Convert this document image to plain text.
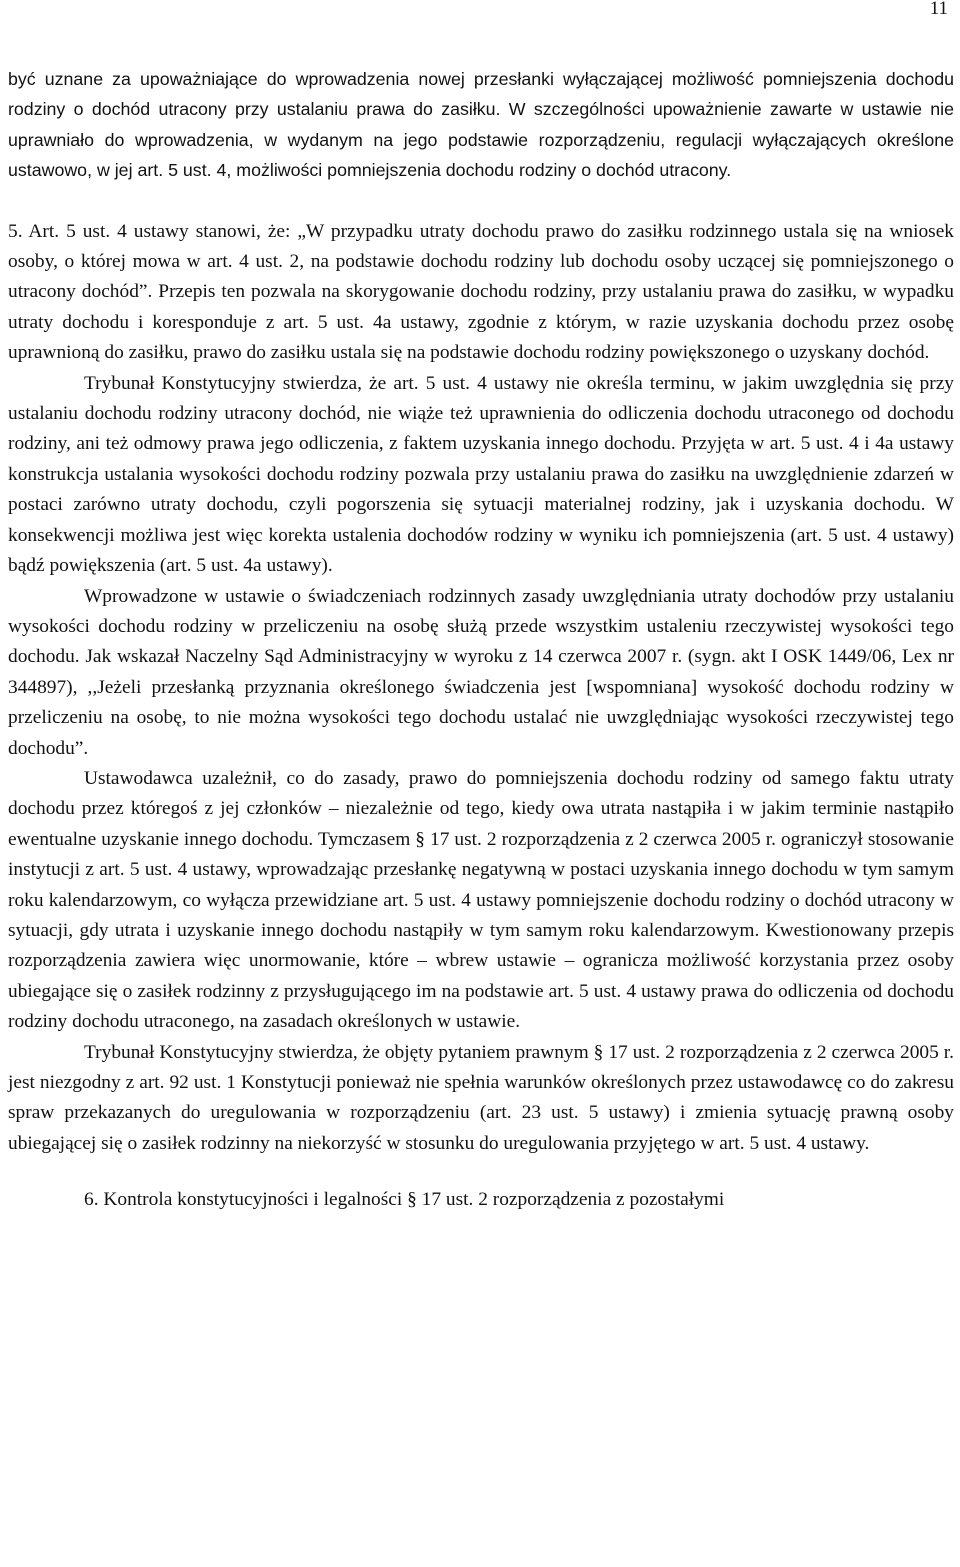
11

być uznane za upoważniające do wprowadzenia nowej przesłanki wyłączającej możliwość pomniejszenia dochodu rodziny o dochód utracony przy ustalaniu prawa do zasiłku. W szczególności upoważnienie zawarte w ustawie nie uprawniało do wprowadzenia, w wydanym na jego podstawie rozporządzeniu, regulacji wyłączających określone ustawowo, w jej art. 5 ust. 4, możliwości pomniejszenia dochodu rodziny o dochód utracony.

5. Art. 5 ust. 4 ustawy stanowi, że: „W przypadku utraty dochodu prawo do zasiłku rodzinnego ustala się na wniosek osoby, o której mowa w art. 4 ust. 2, na podstawie dochodu rodziny lub dochodu osoby uczącej się pomniejszonego o utracony dochód”. Przepis ten pozwala na skorygowanie dochodu rodziny, przy ustalaniu prawa do zasiłku, w wypadku utraty dochodu i koresponduje z art. 5 ust. 4a ustawy, zgodnie z którym, w razie uzyskania dochodu przez osobę uprawnioną do zasiłku, prawo do zasiłku ustala się na podstawie dochodu rodziny powiększonego o uzyskany dochód.

Trybunał Konstytucyjny stwierdza, że art. 5 ust. 4 ustawy nie określa terminu, w jakim uwzględnia się przy ustalaniu dochodu rodziny utracony dochód, nie wiąże też uprawnienia do odliczenia dochodu utraconego od dochodu rodziny, ani też odmowy prawa jego odliczenia, z faktem uzyskania innego dochodu. Przyjęta w art. 5 ust. 4 i 4a ustawy konstrukcja ustalania wysokości dochodu rodziny pozwala przy ustalaniu prawa do zasiłku na uwzględnienie zdarzeń w postaci zarówno utraty dochodu, czyli pogorszenia się sytuacji materialnej rodziny, jak i uzyskania dochodu. W konsekwencji możliwa jest więc korekta ustalenia dochodów rodziny w wyniku ich pomniejszenia (art. 5 ust. 4 ustawy) bądź powiększenia (art. 5 ust. 4a ustawy).

Wprowadzone w ustawie o świadczeniach rodzinnych zasady uwzględniania utraty dochodów przy ustalaniu wysokości dochodu rodziny w przeliczeniu na osobę służą przede wszystkim ustaleniu rzeczywistej wysokości tego dochodu. Jak wskazał Naczelny Sąd Administracyjny w wyroku z 14 czerwca 2007 r. (sygn. akt I OSK 1449/06, Lex nr 344897), ,,Jeżeli przesłanką przyznania określonego świadczenia jest [wspomniana] wysokość dochodu rodziny w przeliczeniu na osobę, to nie można wysokości tego dochodu ustalać nie uwzględniając wysokości rzeczywistej tego dochodu”.

Ustawodawca uzależnił, co do zasady, prawo do pomniejszenia dochodu rodziny od samego faktu utraty dochodu przez któregoś z jej członków – niezależnie od tego, kiedy owa utrata nastąpiła i w jakim terminie nastąpiło ewentualne uzyskanie innego dochodu. Tymczasem § 17 ust. 2 rozporządzenia z 2 czerwca 2005 r. ograniczył stosowanie instytucji z art. 5 ust. 4 ustawy, wprowadzając przesłankę negatywną w postaci uzyskania innego dochodu w tym samym roku kalendarzowym, co wyłącza przewidziane art. 5 ust. 4 ustawy pomniejszenie dochodu rodziny o dochód utracony w sytuacji, gdy utrata i uzyskanie innego dochodu nastąpiły w tym samym roku kalendarzowym. Kwestionowany przepis rozporządzenia zawiera więc unormowanie, które – wbrew ustawie – ogranicza możliwość korzystania przez osoby ubiegające się o zasiłek rodzinny z przysługującego im na podstawie art. 5 ust. 4 ustawy prawa do odliczenia od dochodu rodziny dochodu utraconego, na zasadach określonych w ustawie.

Trybunał Konstytucyjny stwierdza, że objęty pytaniem prawnym § 17 ust. 2 rozporządzenia z 2 czerwca 2005 r. jest niezgodny z art. 92 ust. 1 Konstytucji ponieważ nie spełnia warunków określonych przez ustawodawcę co do zakresu spraw przekazanych do uregulowania w rozporządzeniu (art. 23 ust. 5 ustawy) i zmienia sytuację prawną osoby ubiegającej się o zasiłek rodzinny na niekorzyść w stosunku do uregulowania przyjętego w art. 5 ust. 4 ustawy.

6. Kontrola konstytucyjności i legalności § 17 ust. 2 rozporządzenia z pozostałymi
